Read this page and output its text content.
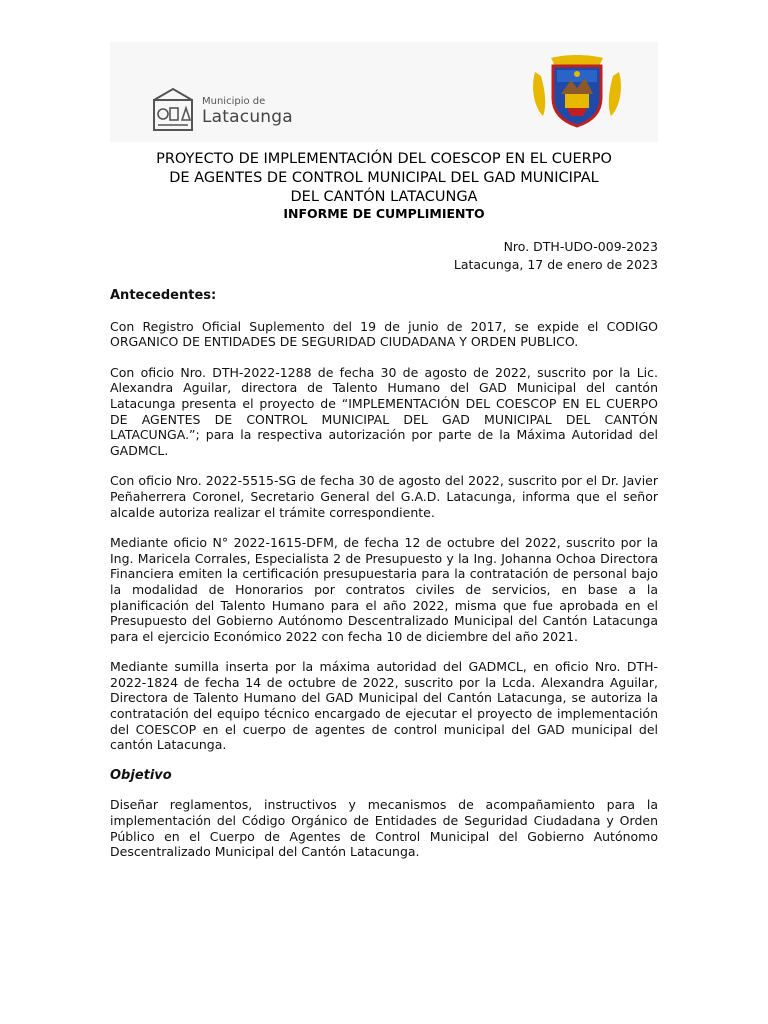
Municipio de
Latacunga
PROYECTO DE IMPLEMENTACIÓN DEL COESCOP EN EL CUERPO
DE AGENTES DE CONTROL MUNICIPAL DEL GAD MUNICIPAL
DEL CANTÓN LATACUNGA
INFORME DE CUMPLIMIENTO
Nro. DTH-UDO-009-2023
Latacunga, 17 de enero de 2023
Antecedentes:

Con Registro Oficial Suplemento del 19 de junio de 2017, se expide el CODIGO ORGANICO DE ENTIDADES DE SEGURIDAD CIUDADANA Y ORDEN PUBLICO.

Con oficio Nro. DTH-2022-1288 de fecha 30 de agosto de 2022, suscrito por la Lic. Alexandra Aguilar, directora de Talento Humano del GAD Municipal del cantón Latacunga presenta el proyecto de “IMPLEMENTACIÓN DEL COESCOP EN EL CUERPO DE AGENTES DE CONTROL MUNICIPAL DEL GAD MUNICIPAL DEL CANTÓN LATACUNGA.”; para la respectiva autorización por parte de la Máxima Autoridad del GADMCL.

Con oficio Nro. 2022-5515-SG de fecha 30 de agosto del 2022, suscrito por el Dr. Javier Peñaherrera Coronel, Secretario General del G.A.D. Latacunga, informa que el señor alcalde autoriza realizar el trámite correspondiente.

Mediante oficio N° 2022-1615-DFM, de fecha 12 de octubre del 2022, suscrito por la Ing. Maricela Corrales, Especialista 2 de Presupuesto y la Ing. Johanna Ochoa Directora Financiera emiten la certificación presupuestaria para la contratación de personal bajo la modalidad de Honorarios por contratos civiles de servicios, en base a la planificación del Talento Humano para el año 2022, misma que fue aprobada en el Presupuesto del Gobierno Autónomo Descentralizado Municipal del Cantón Latacunga para el ejercicio Económico 2022 con fecha 10 de diciembre del año 2021.

Mediante sumilla inserta por la máxima autoridad del GADMCL, en oficio Nro. DTH-2022-1824 de fecha 14 de octubre de 2022, suscrito por la Lcda. Alexandra Aguilar, Directora de Talento Humano del GAD Municipal del Cantón Latacunga, se autoriza la contratación del equipo técnico encargado de ejecutar el proyecto de implementación del COESCOP en el cuerpo de agentes de control municipal del GAD municipal del cantón Latacunga.

Objetivo

Diseñar reglamentos, instructivos y mecanismos de acompañamiento para la implementación del Código Orgánico de Entidades de Seguridad Ciudadana y Orden Público en el Cuerpo de Agentes de Control Municipal del Gobierno Autónomo Descentralizado Municipal del Cantón Latacunga.
